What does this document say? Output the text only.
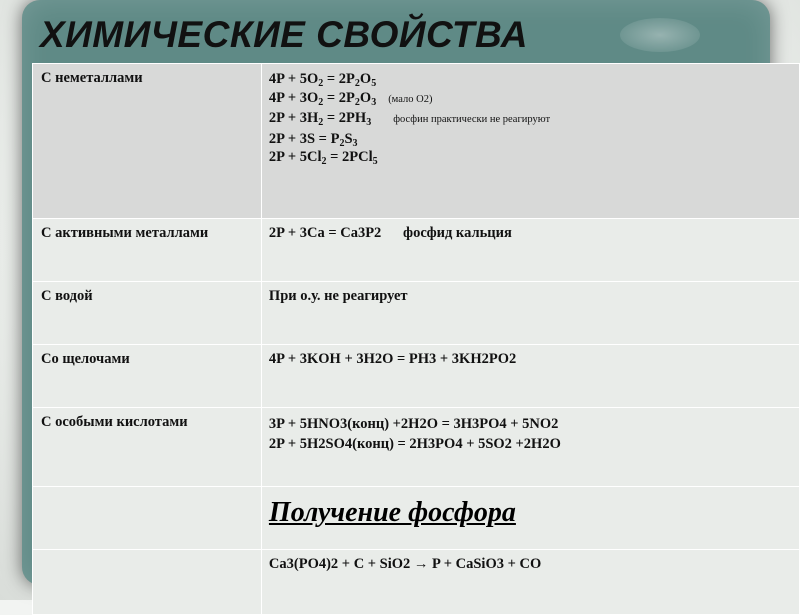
ХИМИЧЕСКИЕ СВОЙСТВА
С неметаллами	$4P + 5O_2 = 2P_2O_5$
$4P + 3O_2 = 2P_2O_3$ (мало O2)
$2P + 3H_2 = 2PH_3$ фосфин практически не реагируют
$2P + 3S = P_2S_3$
$2P + 5Cl_2 = 2PCl_5$

С активными металлами	2P + 3Ca = Ca3P2      фосфид кальция
С водой	При о.у. не реагирует
Со щелочами	4P + 3KOH + 3H2O = PH3 + 3KH2PO2
С особыми кислотами	3P + 5HNO3(конц) +2H2O = 3H3PO4 + 5NO2
2P + 5H2SO4(конц) = 2H3PO4 + 5SO2 +2H2O

	Получение фосфора
	Ca3(PO4)2 + C + SiO2 → P + CaSiO3 + CO
